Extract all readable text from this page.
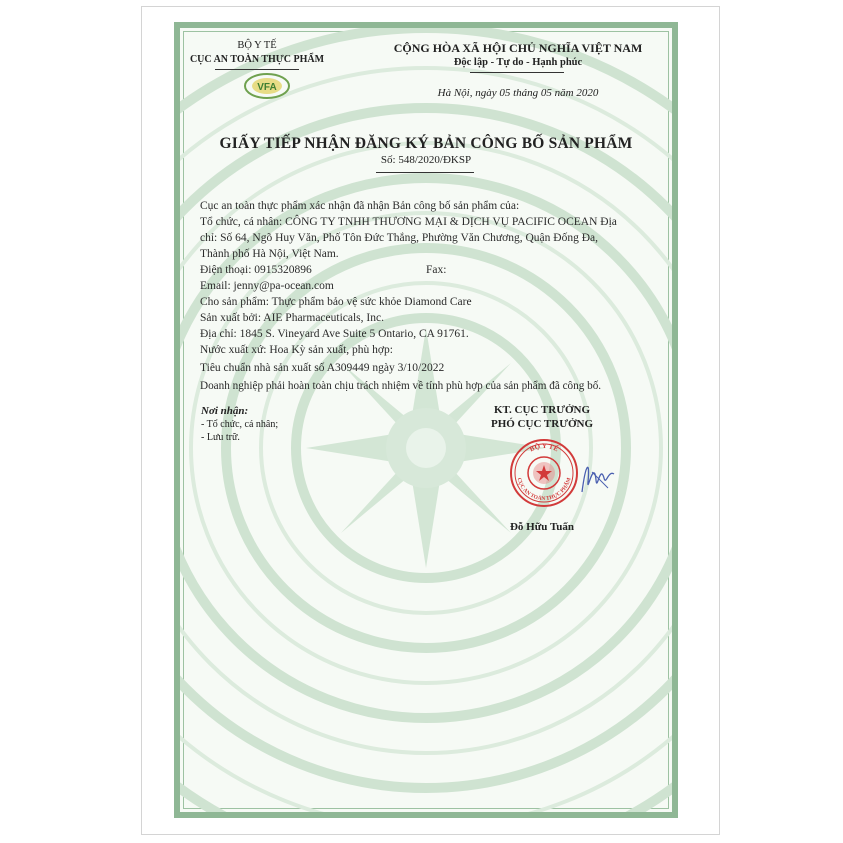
BỘ Y TẾ
CỤC AN TOÀN THỰC PHẨM
VFA
CỘNG HÒA XÃ HỘI CHỦ NGHĨA VIỆT NAM
Độc lập - Tự do - Hạnh phúc
Hà Nội, ngày 05 tháng 05 năm 2020
GIẤY TIẾP NHẬN ĐĂNG KÝ BẢN CÔNG BỐ SẢN PHẨM
Số: 548/2020/ĐKSP
Cục an toàn thực phẩm xác nhận đã nhận Bản công bố sản phẩm của:
Tổ chức, cá nhân: CÔNG TY TNHH THƯƠNG MẠI & DỊCH VỤ PACIFIC OCEAN Địa
chỉ: Số 64, Ngõ Huy Văn, Phố Tôn Đức Thắng, Phường Văn Chương, Quận Đống Đa,
Thành phố Hà Nội, Việt Nam.
Điện thoại: 0915320896	Fax:
Email: jenny@pa-ocean.com
Cho sản phẩm: Thực phẩm bảo vệ sức khỏe Diamond Care
Sản xuất bởi: AIE Pharmaceuticals, Inc.
Địa chỉ: 1845 S. Vineyard Ave Suite 5 Ontario, CA 91761.
Nước xuất xứ: Hoa Kỳ sản xuất, phù hợp:
Tiêu chuẩn nhà sản xuất số A309449 ngày 3/10/2022
Doanh nghiệp phải hoàn toàn chịu trách nhiệm về tính phù hợp của sản phẩm đã công bố.
Nơi nhận:
- Tổ chức, cá nhân;
- Lưu trữ.
KT. CỤC TRƯỞNG
PHÓ CỤC TRƯỞNG
BỘ Y TẾ
CỤC AN TOÀN THỰC PHẨM
Đỗ Hữu Tuấn
